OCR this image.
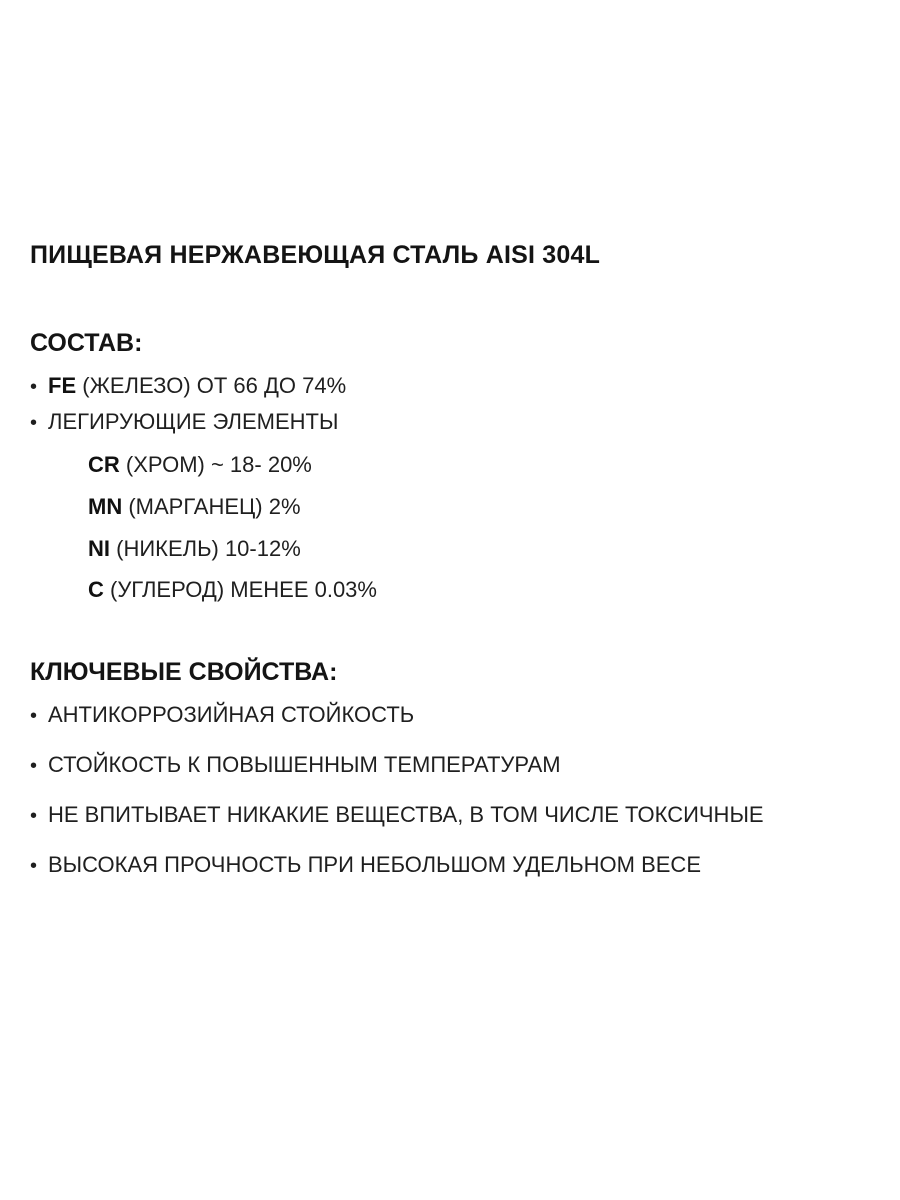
ПИЩЕВАЯ НЕРЖАВЕЮЩАЯ СТАЛЬ AISI 304L
СОСТАВ:
• FE (ЖЕЛЕЗО) ОТ 66 ДО 74%
• ЛЕГИРУЮЩИЕ ЭЛЕМЕНТЫ
CR (ХРОМ) ~ 18- 20%
MN (МАРГАНЕЦ) 2%
NI (НИКЕЛЬ) 10-12%
C (УГЛЕРОД) МЕНЕЕ 0.03%
КЛЮЧЕВЫЕ СВОЙСТВА:
• АНТИКОРРОЗИЙНАЯ СТОЙКОСТЬ
• СТОЙКОСТЬ К ПОВЫШЕННЫМ ТЕМПЕРАТУРАМ
• НЕ ВПИТЫВАЕТ НИКАКИЕ ВЕЩЕСТВА, В ТОМ ЧИСЛЕ ТОКСИЧНЫЕ
• ВЫСОКАЯ ПРОЧНОСТЬ ПРИ НЕБОЛЬШОМ УДЕЛЬНОМ ВЕСЕ
